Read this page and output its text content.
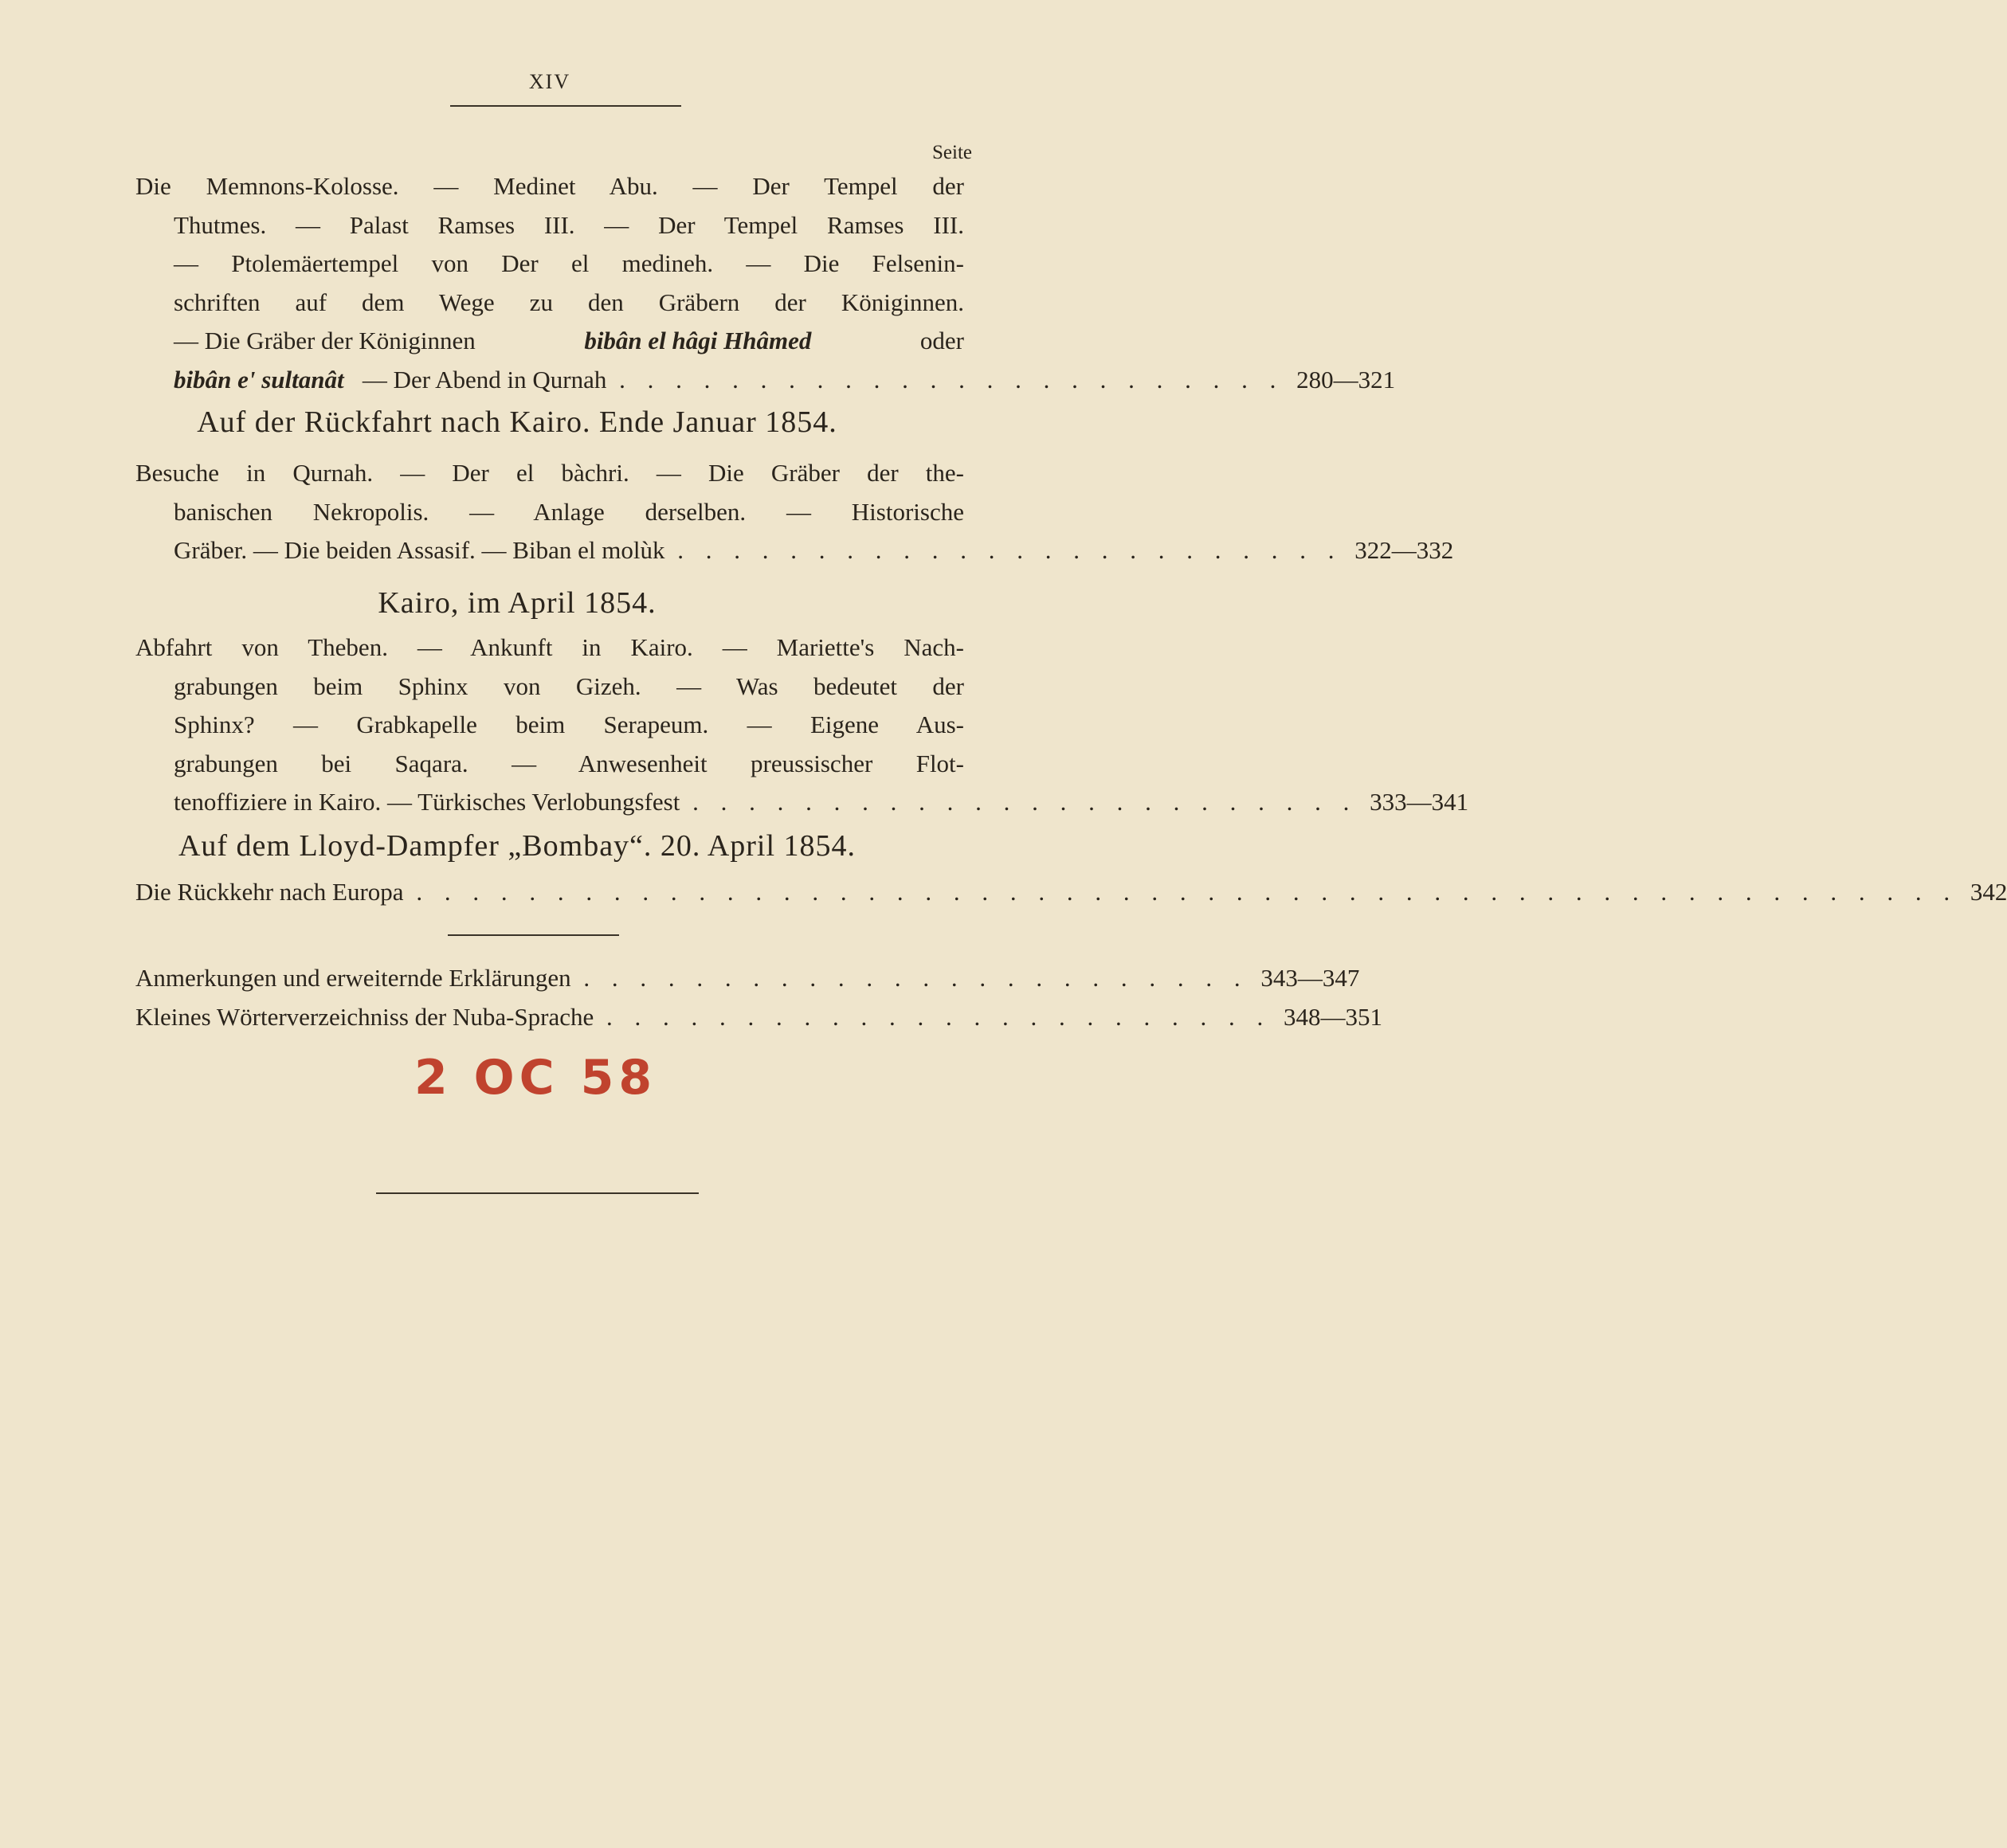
XIV
Seite
Die Memnons-Kolosse. — Medinet Abu. — Der Tempel der
Thutmes. — Palast Ramses III. — Der Tempel Ramses III.
— Ptolemäertempel von Der el medineh. — Die Felsenin-
schriften auf dem Wege zu den Gräbern der Königinnen.
— Die Gräber der Königinnen	bibân el hâgi Hhâmed	oder
bibân e' sultanât — Der Abend in Qurnah . . . . . . . . . . . . . . . . . . . . . . . . 280—321
Auf der Rückfahrt nach Kairo. Ende Januar 1854.
Besuche in Qurnah. — Der el bàchri. — Die Gräber der the-
banischen Nekropolis. — Anlage derselben. — Historische
Gräber. — Die beiden Assasif. — Biban el molùk . . . . . . . . . . . . . . . . . . . . . . . . 322—332
Kairo, im April 1854.
Abfahrt von Theben. — Ankunft in Kairo. — Mariette's Nach-
grabungen beim Sphinx von Gizeh. — Was bedeutet der
Sphinx? — Grabkapelle beim Serapeum. — Eigene Aus-
grabungen bei Saqara. — Anwesenheit preussischer Flot-
tenoffiziere in Kairo. — Türkisches Verlobungsfest . . . . . . . . . . . . . . . . . . . . . . . . 333—341
Auf dem Lloyd-Dampfer „Bombay“. 20. April 1854.
Die Rückkehr nach Europa . . . . . . . . . . . . . . . . . . . . . . . . . . . . . . . . . . . . . . . . . . . . . . . . . . . . . . . 342
Anmerkungen und erweiternde Erklärungen . . . . . . . . . . . . . . . . . . . . . . . . 343—347
Kleines Wörterverzeichniss der Nuba-Sprache . . . . . . . . . . . . . . . . . . . . . . . . 348—351
2 OC 58
